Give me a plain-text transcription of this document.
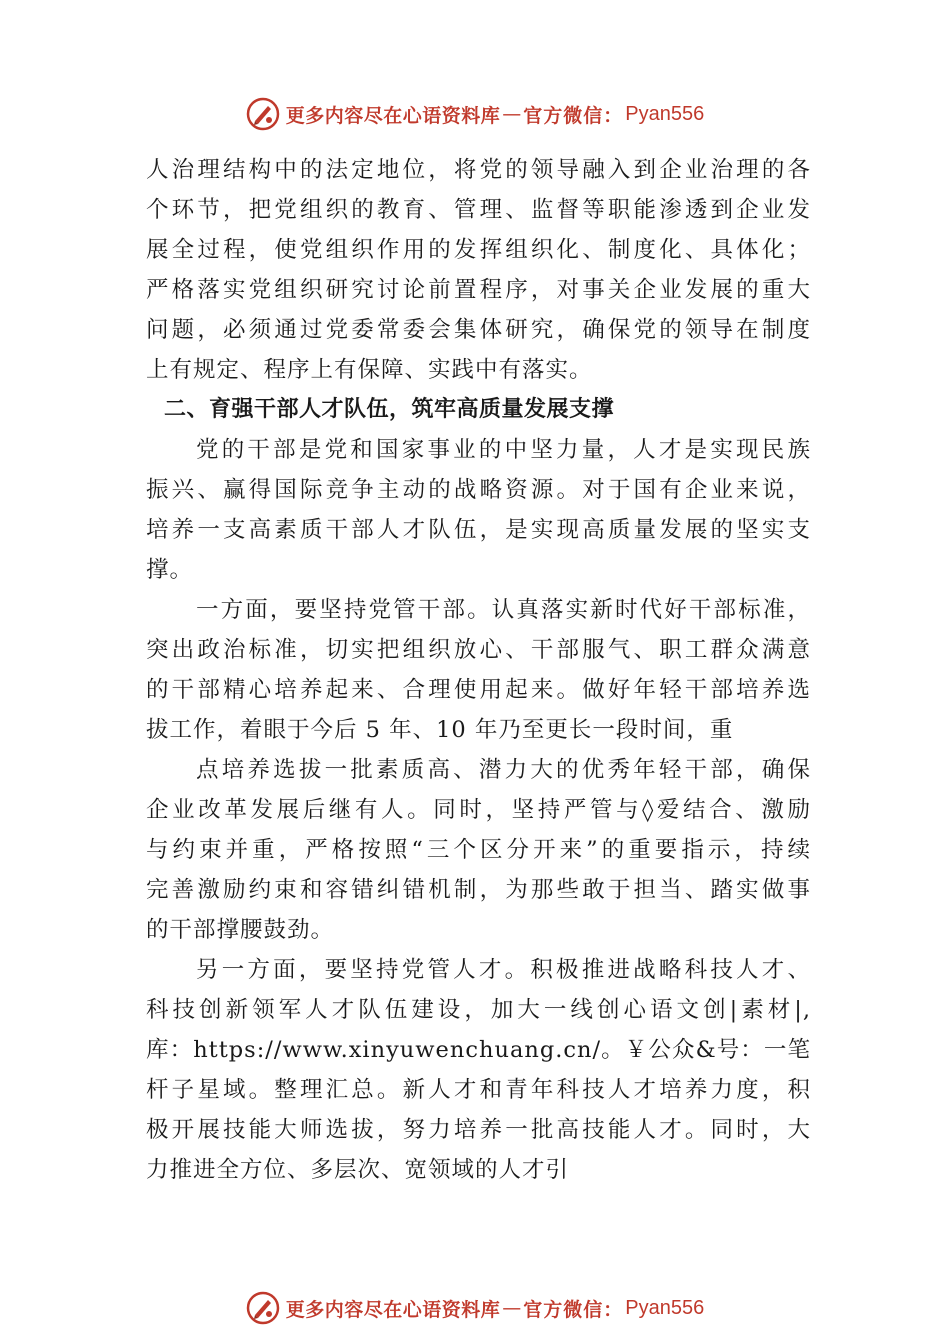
更多内容尽在心语资料库 — 官方微信： Pyan556
人治理结构中的法定地位，将党的领导融入到企业治理的各
个环节，把党组织的教育、管理、监督等职能渗透到企业发
展全过程，使党组织作用的发挥组织化、制度化、具体化；
严格落实党组织研究讨论前置程序，对事关企业发展的重大
问题，必须通过党委常委会集体研究，确保党的领导在制度
上有规定、程序上有保障、实践中有落实。
二、育强干部人才队伍，筑牢高质量发展支撑
党的干部是党和国家事业的中坚力量，人才是实现民族
振兴、赢得国际竞争主动的战略资源。对于国有企业来说，
培养一支高素质干部人才队伍，是实现高质量发展的坚实支
撑。
一方面，要坚持党管干部。认真落实新时代好干部标准，
突出政治标准，切实把组织放心、干部服气、职工群众满意
的干部精心培养起来、合理使用起来。做好年轻干部培养选
拔工作，着眼于今后 5 年、10 年乃至更长一段时间，重
点培养选拔一批素质高、潜力大的优秀年轻干部，确保
企业改革发展后继有人。同时，坚持严管与◊爱结合、激励
与约束并重，严格按照“三个区分开来”的重要指示，持续
完善激励约束和容错纠错机制，为那些敢于担当、踏实做事
的干部撑腰鼓劲。
另一方面，要坚持党管人才。积极推进战略科技人才、
科技创新领军人才队伍建设，加大一线创心语文创|素材|,
库：https://www.xinyuwenchuang.cn/。￥公众&号：一笔
杆子星域。整理汇总。新人才和青年科技人才培养力度，积
极开展技能大师选拔，努力培养一批高技能人才。同时，大
力推进全方位、多层次、宽领域的人才引
更多内容尽在心语资料库 — 官方微信： Pyan556
